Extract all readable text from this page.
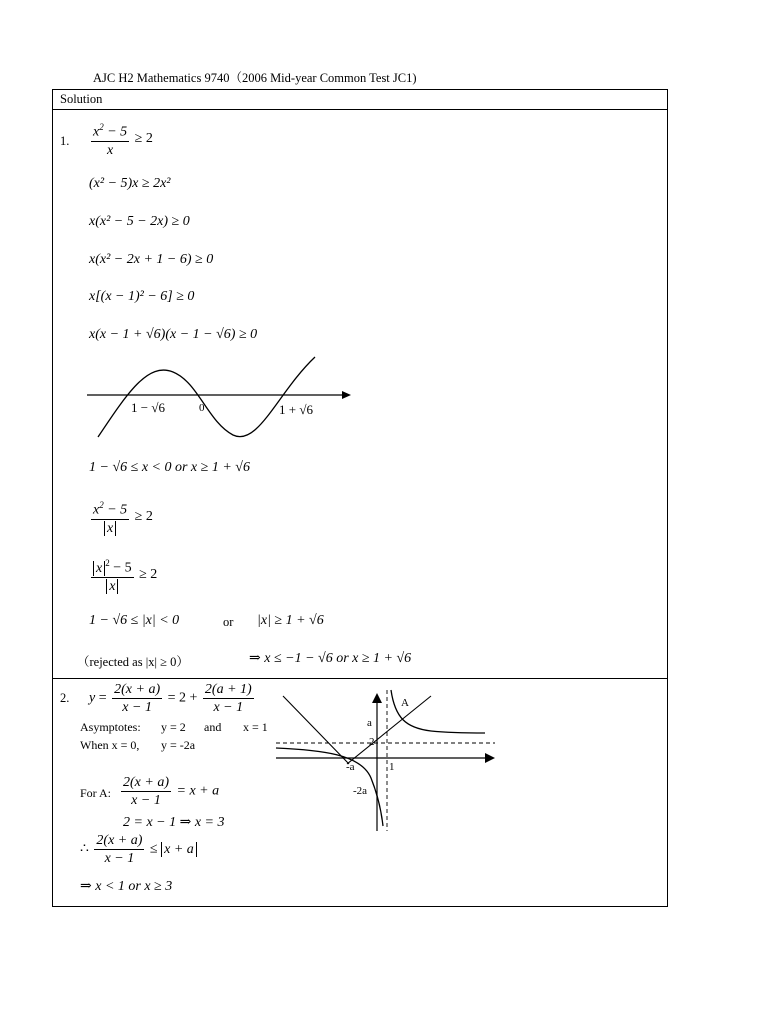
AJC H2 Mathematics 9740（2006 Mid-year Common Test JC1)
Solution
1. $\frac{x^2 - 5}{x} \ge 2$
(x² − 5)x ≥ 2x²
x(x² − 5 − 2x) ≥ 0
x(x² − 2x + 1 − 6) ≥ 0
x[(x − 1)² − 6] ≥ 0
x(x − 1 + √6)(x − 1 − √6) ≥ 0
1 − √6	0	1 + √6
1 − √6 ≤ x < 0 or x ≥ 1 + √6
$\frac{x^2 - 5}{x} \ge 2$
$\frac{x ^2 - 5}{x} \ge 2$
1 − √6 ≤ |x| < 0	or |x| ≥ 1 + √6
（rejected as |x| ≥ 0）	⇒ x ≤ −1 − √6 or x ≥ 1 + √6
2. $y = \frac{2(x + a)}{x - 1} = 2 + \frac{2(a + 1)}{x - 1}$
Asymptotes: y = 2 and x = 1
When x = 0, y = -2a
For A: $\frac{2(x + a)}{x - 1} = x + a$
2 = x − 1 ⇒ x = 3
∴ $\frac{2(x + a)}{x - 1} \le x + a$
⇒ x < 1 or x ≥ 3
A
a
2
-a	1
-2a
